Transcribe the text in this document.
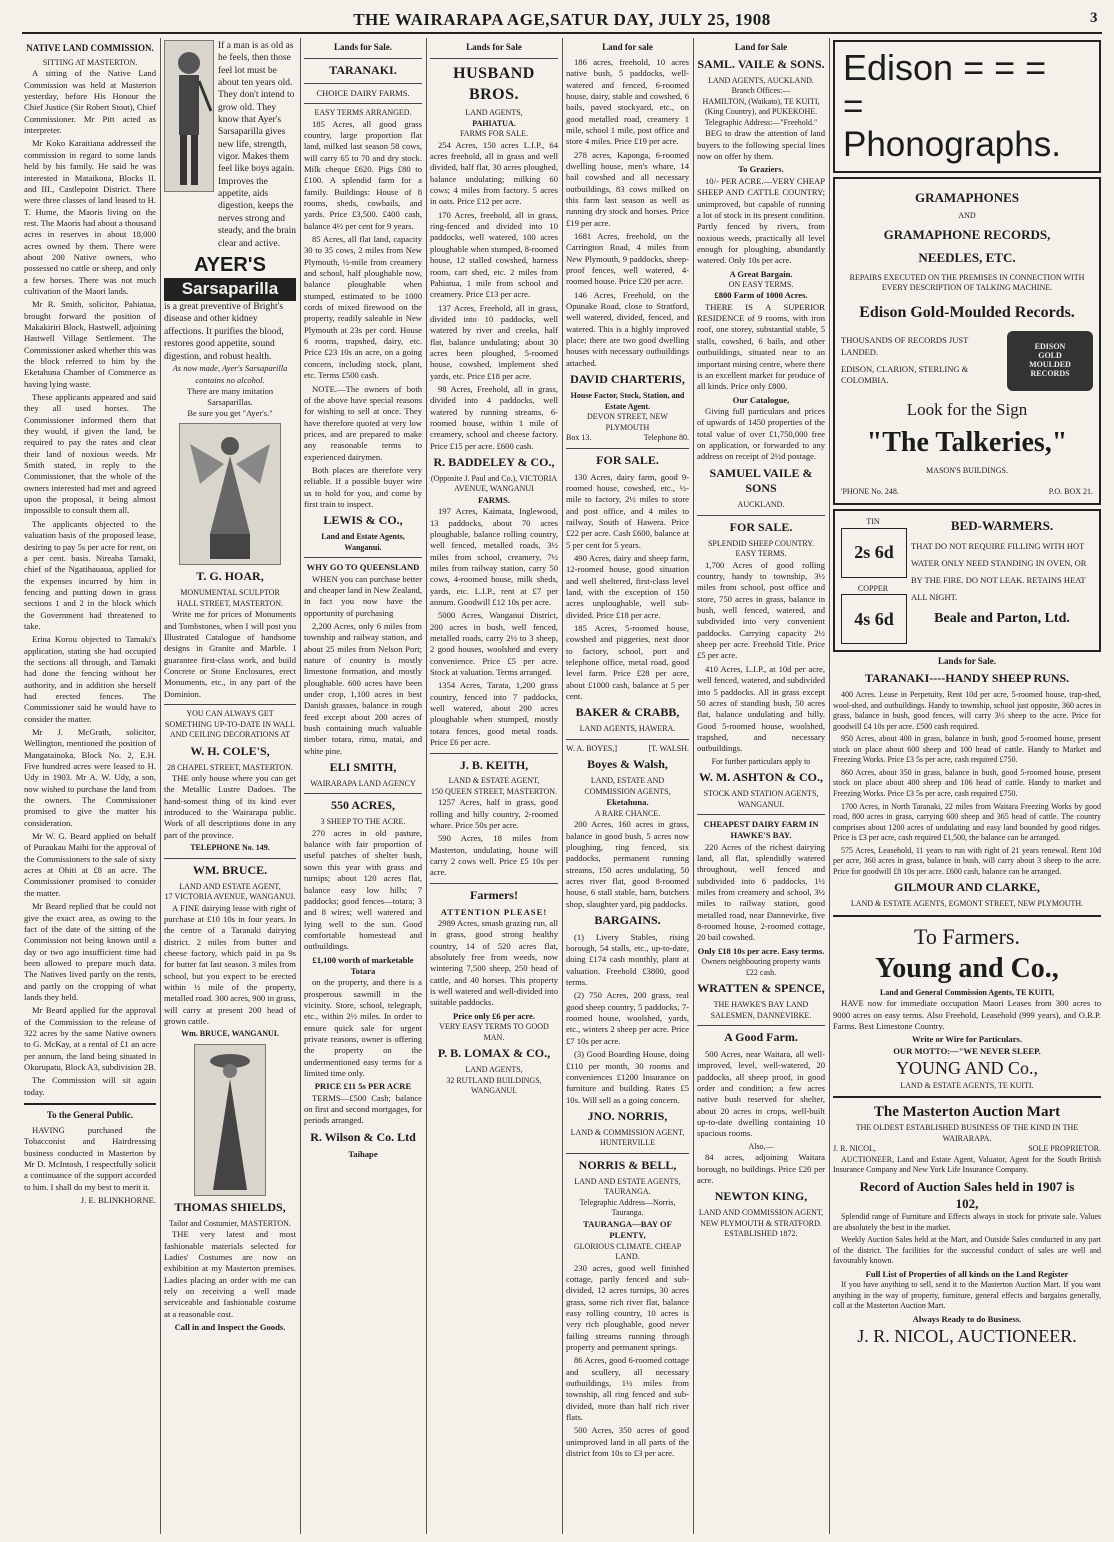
THE WAIRARAPA AGE,SATUR DAY, JULY 25, 1908	3
NATIVE LAND COMMISSION.
SITTING AT MASTERTON.

A sitting of the Native Land Commission was held at Masterton yesterday, before His Honour the Chief Justice (Sir Robert Stout), Chief Commissioner. Mr Pitt acted as interpreter.

Mr Koko Karaitiana addressed the commission in regard to some lands held by his family. He said he was interested in Mataikona, Blocks II. and III., Castlepoint District. There were three classes of land leased to H. T. Hume, the Maoris living on the rest. The Maoris had about a thousand acres in reserves in about 18,000 acres owned by them. There were about 200 Native owners, who possessed no cattle or sheep, and only a few horses. There was not much cultivation of the Maori lands.

Mr R. Smith, solicitor, Pahiatua, brought forward the position of Makakiriri Block, Hastwell, adjoining Hastwell Village Settlement. The Commissioner asked whether this was the block referred to him by the Eketahuna Chamber of Commerce as having lying waste.

These applicants appeared and said they all used horses. The Commissioner informed them that they would, if given the land, be required to pay the rates and clear their land of noxious weeds. Mr Smith stated, in reply to the Commissioner, that the whole of the owners interested had met and agreed upon the proposal, it being almost impossible to consult them all.

The applicants objected to the valuation basis of the proposed lease, desiring to pay 5s per acre for rent, on a per cent. basis. Nireaha Tamaki, chief of the Ngatihauaua, applied for the expenses incurred by him in fencing and putting down in grass sections 1 and 2 in the block which the Government had threatened to take.

Erina Korou objected to Tamaki's application, stating she had occupied the sections all through, and Tamaki had done the fencing without her authority, and in addition she herself had erected fences. The Commissioner said he would have to consider the matter.

Mr J. McGrath, solicitor, Wellington, mentioned the position of Mangatainoka, Block No. 2, E.H. Five hundred acres were leased to H. Udy in 1903. Mr A. W. Udy, a son, now wished to purchase the land from the owners. The Commissioner promised to give the matter his consideration.

Mr W. G. Beard applied on behalf of Puraukau Maihi for the approval of the Commissioners to the sale of sixty acres at Ohiti at £8 an acre. The Commissioner promised to consider the matter.

Mr Beard replied that he could not give the exact area, as owing to the fact of the date of the sitting of the Commission not being known until a day or two ago insufficient time had been allowed to prepare much data. The Natives lived partly on the rents, and partly on the cropping of what lands they held.

Mr Beard applied for the approval of the Commission to the release of 322 acres by the same Native owners to G. McKay, at a rental of £1 an acre per annum, the land being situated in Okurupatu, Block A3, subdivision 2B.

The Commission will sit again today.

To the General Public.

HAVING purchased the Tobacconist and Hairdressing business conducted in Masterton by Mr D. McIntosh, I respectfully solicit a continuance of the support accorded to him. I shall do my best to merit it.

J. E. BLINKHORNE.
If a man is as old as he feels, then those feel lot must be about ten years old. They don't intend to grow old. They know that Ayer's Sarsaparilla gives new life, strength, vigor. Makes them feel like boys again. Improves the appetite, aids digestion, keeps the nerves strong and steady, and the brain clear and active.
AYER'S
Sarsaparilla
is a great preventive of Bright's disease and other kidney affections. It purifies the blood, restores good appetite, sound digestion, and robust health.
As now made, Ayer's Sarsaparilla contains no alcohol.
There are many imitation Sarsaparillas.
Be sure you get "Ayer's."
T. G. HOAR,
MONUMENTAL SCULPTOR
HALL STREET, MASTERTON.

Write me for prices of Monuments and Tombstones, when I will post you Illustrated Catalogue of handsome designs in Granite and Marble. I guarantee first-class work, and build Concrete or Stone Enclosures, erect Monuments, etc., in any part of the Dominion.

YOU CAN ALWAYS GET SOMETHING UP-TO-DATE IN WALL AND CEILING DECORATIONS AT
W. H. COLE'S,
28 CHAPEL STREET, MASTERTON.

THE only house where you can get the Metallic Lustre Dadoes. The hand-somest thing of its kind ever introduced to the Wairarapa public. Work of all descriptions done in any part of the province.

TELEPHONE No. 149.
WM. BRUCE.
LAND AND ESTATE AGENT,
17 VICTORIA AVENUE, WANGANUI.

A FINE dairying lease with right of purchase at £10 10s in four years. In the centre of a Taranaki dairying district. 2 miles from butter and cheese factory, which paid in pa 9s for butter fat last season. 3 miles from school, but you expect to be erected within ½ mile of the property, metalled road. 300 acres, 900 in grass, will carry at present 200 head of grown cattle.

Wm. BRUCE, WANGANUI.
THOMAS SHIELDS,
Tailor and Costumier, MASTERTON.

THE very latest and most fashionable materials selected for Ladies' Costumes are now on exhibition at my Masterton premises. Ladies placing an order with me can rely on receiving a well made serviceable and fashionable costume at a reasonable cost.

Call in and Inspect the Goods.
Lands for Sale.
TARANAKI.
CHOICE DAIRY FARMS.
EASY TERMS ARRANGED.

185 Acres, all good grass country, large proportion flat land, milked last season 58 cows, will carry 65 to 70 and dry stock. Milk cheque £620. Pigs £80 to £100. A splendid farm for a family. Buildings: House of 8 rooms, sheds, cowbails, and yards. Price £3,500. £400 cash, balance 4½ per cent for 9 years.

85 Acres, all flat land, capacity 30 to 35 cows, 2 miles from New Plymouth, ½-mile from creamery and school, half ploughable now, balance ploughable when stumped, estimated to be 1000 cords of mixed firewood on the property, readily saleable in New Plymouth at 23s per cord. House 6 rooms, trapshed, dairy, etc. Price £23 10s an acre, on a going concern, including stock, plant, etc. Terms £500 cash.

NOTE.—The owners of both of the above have special reasons for wishing to sell at once. They have therefore quoted at very low prices, and are prepared to make any reasonable terms to experienced dairymen.

Both places are therefore very reliable. If a possible buyer wire us to hold for you, and come by first train to inspect.

LEWIS & CO.,
Land and Estate Agents, Wanganui.
WHY GO TO QUEENSLAND

WHEN you can purchase better and cheaper land in New Zealand, in fact you now have the opportunity of purchasing

2,200 Acres, only 6 miles from township and railway station, and about 25 miles from Nelson Port; nature of country is mostly limestone formation, and mostly ploughable. 600 acres have been under crop, 1,100 acres in best Danish grasses, balance in rough feed except about 200 acres of bush containing much valuable timber totara, rimu, matai, and white pine.

ELI SMITH,
WAIRARAPA LAND AGENCY
550 ACRES,
3 SHEEP TO THE ACRE.

270 acres in old pasture, balance with fair proportion of useful patches of shelter bush, sown this year with grass and turnips; about 120 acres flat, balance easy low hills; 7 paddocks; good fences—totara; 3 and 8 wires; well watered and lying well to the sun. Good comfortable homestead and outbuildings.

£1,100 worth of marketable Totara

on the property, and there is a prosperous sawmill in the vicinity. Store, school, telegraph, etc., within 2½ miles. In order to ensure quick sale for urgent private reasons, owner is offering the property on the undermentioned easy terms for a limited time only.

PRICE £11 5s PER ACRE

TERMS—£500 Cash; balance on first and second mortgages, for periods arranged.

R. Wilson & Co. Ltd
Taihape
Lands for Sale
HUSBAND BROS.
LAND AGENTS,
PAHIATUA.
FARMS FOR SALE.

254 Acres, 150 acres L.I.P., 64 acres freehold, all in grass and well divided, half flat, 30 acres ploughed, balance undulating; milking 60 cows; 4 miles from factory. 5 acres in oats. Price £12 per acre.

170 Acres, freehold, all in grass, ring-fenced and divided into 10 paddocks, well watered, 100 acres ploughable when stumped, 8-roomed house, 12 stalled cowshed, harness room, cart shed, etc. 2 miles from Pahiatua, 1 mile from school and creamery. Price £13 per acre.

137 Acres, Freehold, all in grass, divided into 10 paddocks, well watered by river and creeks, half flat, balance undulating; about 30 acres been ploughed, 5-roomed house, cowshed, implement shed yards, etc. Price £18 per acre.

98 Acres, Freehold, all in grass, divided into 4 paddocks, well watered by running streams, 6-roomed house, within 1 mile of creamery, school and cheese factory. Price £15 per acre. £600 cash.

R. BADDELEY & CO.,
(Opposite J. Paul and Co.), VICTORIA AVENUE, WANGANUI
FARMS.

197 Acres, Kaimata, Inglewood, 13 paddocks, about 70 acres ploughable, balance rolling country, well fenced, metalled roads, 3½ miles from school, creamery, 7½ miles from railway station, carry 50 cows, 4-roomed house, milk sheds, yards, etc. L.I.P., rent at £7 per annum. Goodwill £12 10s per acre.

5000 Acres, Wanganui District, 200 acres in bush, well fenced, metalled roads, carry 2½ to 3 sheep, 2 good houses, woolshed and every convenience. Price £5 per acre. Stock at valuation. Terms arranged.

1354 Acres, Tarata, 1,200 grass country, fenced into 7 paddocks, well watered, about 200 acres ploughable when stumped, mostly totara fences, good metal roads. Price £6 per acre.

J. B. KEITH,
LAND & ESTATE AGENT,
150 QUEEN STREET, MASTERTON.

1257 Acres, half in grass, good rolling and hilly country, 2-roomed whare. Price 50s per acre.

590 Acres, 18 miles from Masterton, undulating, house will carry 2 cows well. Price £5 10s per acre.

Farmers!
ATTENTION PLEASE!

2989 Acres, smash grazing run, all in grass, good strong healthy country, 14 of 520 acres flat, absolutely free from weeds, now wintering 7,500 sheep, 250 head of cattle, and 40 horses. This property is well watered and well-divided into suitable paddocks.

Price only £6 per acre.
VERY EASY TERMS TO GOOD MAN.
P. B. LOMAX & CO.,
LAND AGENTS,
32 RUTLAND BUILDINGS, WANGANUI.
Land for sale

186 acres, freehold, 10 acres native bush, 5 paddocks, well-watered and fenced, 6-roomed house, dairy, stable and cowshed, 6 bails, paved stockyard, etc., on good metalled road, creamery 1 mile, school 1 mile, post office and store 4 miles. Price £19 per acre.

278 acres, Kaponga, 6-roomed dwelling house, men's whare, 14 bail cowshed and all necessary outbuildings, 83 cows milked on this farm last season as well as running dry stock and horses. Price £19 per acre.

1681 Acres, freehold, on the Carrington Road, 4 miles from New Plymouth, 9 paddocks, sheep-proof fences, well watered, 4-roomed house. Price £20 per acre.

146 Acres, Freehold, on the Opunake Road, close to Stratford, well watered, divided, fenced, and watered. This is a highly improved place; there are two good dwelling houses with necessary outbuildings attached.

DAVID CHARTERIS,
House Factor, Stock, Station, and Estate Agent.
DEVON STREET, NEW PLYMOUTH
Box 13.	Telephone 80.
FOR SALE.

130 Acres, dairy farm, good 9-roomed house, cowshed, etc., ½-mile to factory, 2½ miles to store and post office, and 4 miles to railway, South of Hawera. Price £22 per acre. Cash £600, balance at 5 per cent for 5 years.

490 Acres, dairy and sheep farm, 12-roomed house, good situation and well sheltered, first-class level land, with the exception of 150 acres unploughable, well sub-divided. Price £18 per acre.

185 Acres, 5-roomed house, cowshed and piggeries, next door to factory, school, port and telephone office, metal road, good level farm. Price £28 per acre, about £1000 cash, balance at 5 per cent.

BAKER & CRABB,
LAND AGENTS, HAWERA.
W. A. BOYES,]	[T. WALSH.
Boyes & Walsh,
LAND, ESTATE AND COMMISSION AGENTS,
Eketahuna.
A RARE CHANCE.

200 Acres, 160 acres in grass, balance in good bush, 5 acres now ploughing, ring fenced, six paddocks, permanent running streams, 150 acres undulating, 50 acres river flat, good 8-roomed house, 6 stall stable, barn, butchers shop, slaughter yard, pig paddocks.

BARGAINS.

(1) Livery Stables, rising borough, 54 stalls, etc., up-to-date, doing £174 cash monthly, plant at valuation. Freehold £3800, good terms.

(2) 750 Acres, 200 grass, real good sheep country, 5 paddocks, 7-roomed house, woolshed, yards, etc., winters 2 sheep per acre. Price £7 10s per acre.

(3) Good Boarding House, doing £110 per month, 30 rooms and conveniences £1200 Insurance on furniture and building. Rates £5 10s. Will sell as a going concern.

JNO. NORRIS,
LAND & COMMISSION AGENT, HUNTERVILLE
NORRIS & BELL,
LAND AND ESTATE AGENTS, TAURANGA.
Telegraphic Address—Norris, Tauranga.
TAURANGA—BAY OF PLENTY,
GLORIOUS CLIMATE. CHEAP LAND.

230 acres, good well finished cottage, partly fenced and sub-divided, 12 acres turnips, 30 acres grass, some rich river flat, balance easy rolling country, 10 acres is very rich ploughable, good never failing streams running through property and permanent springs.

86 Acres, good 6-roomed cottage and scullery, all necessary outbuildings, 1½ miles from township, all ring fenced and sub-divided, more than half rich river flats.

500 Acres, 350 acres of good unimproved land in all parts of the district from 10s to £3 per acre.

Land for Sale
SAML. VAILE & SONS.
LAND AGENTS, AUCKLAND.
Branch Offices:—
HAMILTON, (Waikato), TE KUITI, (King Country), and PUKEKOHE. Telegraphic Address:—"Freehold."

BEG to draw the attention of land buyers to the following special lines now on offer by them.

To Graziers.

10/- PER ACRE.—VERY CHEAP SHEEP AND CATTLE COUNTRY; unimproved, but capable of running a lot of stock in its present condition. Partly fenced by rivers, from noxious weeds, practically all level enough for ploughing, abundantly watered. Only 10s per acre.

A Great Bargain.
ON EASY TERMS.
£800 Farm of 1000 Acres.

THERE IS A SUPERIOR RESIDENCE of 9 rooms, with iron roof, one storey, substantial stable, 5 stalls, cowshed, 6 bails, and other outbuildings, situated near to an important mining centre, where there is an excellent market for produce of all kinds. Price only £800.

Our Catalogue,

Giving full particulars and prices of upwards of 1450 properties of the total value of over £1,750,000 free on application, or forwarded to any address on receipt of 2½d postage.

SAMUEL VAILE & SONS
AUCKLAND.
FOR SALE.
SPLENDID SHEEP COUNTRY.
EASY TERMS.

1,700 Acres of good rolling country, handy to township, 3½ miles from school, post office and store, 750 acres in grass, balance in bush, well fenced, watered, and subdivided into very convenient paddocks. Carrying capacity 2½ sheep per acre. Freehold Title. Price £5 per acre.

410 Acres, L.I.P., at 10d per acre, well fenced, watered, and subdivided into 5 paddocks. All in grass except 50 acres of standing bush, 50 acres flat, balance undulating and hilly. Good 5-roomed house, woolshed, trapshed, and necessary outbuildings.

For further particulars apply to
W. M. ASHTON & CO.,
STOCK AND STATION AGENTS,
WANGANUI.
CHEAPEST DAIRY FARM IN HAWKE'S BAY.

220 Acres of the richest dairying land, all flat, splendidly watered throughout, well fenced and subdivided into 6 paddocks, 1½ miles from creamery and school, 3½ miles to railway station, good metalled road, near Dannevirke, five 8-roomed house, 2-roomed cottage, 20 bail cowshed.

Only £18 10s per acre. Easy terms.
Owners neighbouring property wants £22 cash.
WRATTEN & SPENCE,
THE HAWKE'S BAY LAND SALESMEN, DANNEVIRKE.
A Good Farm.

500 Acres, near Waitara, all well-improved, level, well-watered, 20 paddocks, all sheep proof, in good order and condition; a few acres native bush reserved for shelter, about 20 acres in crops, well-built up-to-date dwelling containing 10 spacious rooms.

Also,—

84 acres, adjoining Waitara borough, no buildings. Price £20 per acre.

NEWTON KING,
LAND AND COMMISSION AGENT,
NEW PLYMOUTH & STRATFORD.
ESTABLISHED 1872.
Edison = = =
= Phonographs.
GRAMAPHONES
AND
GRAMAPHONE RECORDS,
NEEDLES, ETC.
REPAIRS EXECUTED ON THE PREMISES IN CONNECTION WITH EVERY DESCRIPTION OF TALKING MACHINE.
Edison Gold-Moulded Records.
THOUSANDS OF RECORDS JUST LANDED.
EDISON, CLARION, STERLING & COLOMBIA.
EDISON
GOLD
MOULDED
RECORDS
Look for the Sign
"The Talkeries,"
MASON'S BUILDINGS.
'PHONE No. 248.	P.O. BOX 21.
TIN
2s 6d
COPPER
4s 6d
BED-WARMERS.
THAT DO NOT REQUIRE FILLING WITH HOT WATER ONLY NEED STANDING IN OVEN, OR BY THE FIRE. DO NOT LEAK. RETAINS HEAT ALL NIGHT.
Beale and Parton, Ltd.
Lands for Sale.
TARANAKI----HANDY SHEEP RUNS.

400 Acres. Lease in Perpetuity, Rent 10d per acre, 5-roomed house, trap-shed, wool-shed, and outbuildings. Handy to township, school just opposite, 360 acres in grass, balance in bush, good fences, will carry 3½ sheep to the acre. Price for goodwill £4 10s per acre. £500 cash required.

950 Acres, about 400 in grass, balance in bush, good 5-roomed house, present stock on place about 600 sheep and 100 head of cattle. Handy to Market and Freezing Works. Price £3 5s per acre, cash required £750.

860 Acres, about 350 in grass, balance in bush, good 5-roomed house, present stock on place about 400 sheep and 106 head of cattle. Handy to market and Freezing Works. Price £3 5s per acre, cash required £750.

1700 Acres, in North Taranaki, 22 miles from Waitara Freezing Works by good road, 800 acres in grass, carrying 600 sheep and 365 head of cattle. The country comprises about 1200 acres of undulating and easy land bounded by good ridges. Price is £3 per acre, cash required £1,500, the balance can be arranged.

575 Acres, Leasehold, 11 years to run with right of 21 years renewal. Rent 10d per acre, 360 acres in grass, balance in bush, will carry about 3 sheep to the acre. Price for goodwill £8 10s per acre. £600 cash, balance can be arranged.

GILMOUR AND CLARKE,
LAND & ESTATE AGENTS, EGMONT STREET, NEW PLYMOUTH.
To Farmers.
Young and Co.,
Land and General Commission Agents, TE KUITI,

HAVE now for immediate occupation Maori Leases from 300 acres to 9000 acres on easy terms. Also Freehold, Leasehold (999 years), and O.R.P. Farms. Best Limestone Country.

Write or Wire for Particulars.
OUR MOTTO:—"WE NEVER SLEEP.
YOUNG AND Co.,
LAND & ESTATE AGENTS, TE KUITI.
The Masterton Auction Mart
THE OLDEST ESTABLISHED BUSINESS OF THE KIND IN THE WAIRARAPA.
J. R. NICOL,	SOLE PROPRIETOR.

AUCTIONEER, Land and Estate Agent, Valuator, Agent for the South British Insurance Company and New York Life Insurance Company.

Record of Auction Sales held in 1907 is
102,

Splendid range of Furniture and Effects always in stock for private sale. Values are absolutely the best in the market.

Weekly Auction Sales held at the Mart, and Outside Sales conducted in any part of the district. The facilities for the successful conduct of sales are well and favourably known.

Full List of Properties of all kinds on the Land Register

If you have anything to sell, send it to the Masterton Auction Mart. If you want anything in the way of property, furniture, general effects and bargains generally, call at the Masterton Auction Mart.

Always Ready to do Business.
J. R. NICOL, AUCTIONEER.
